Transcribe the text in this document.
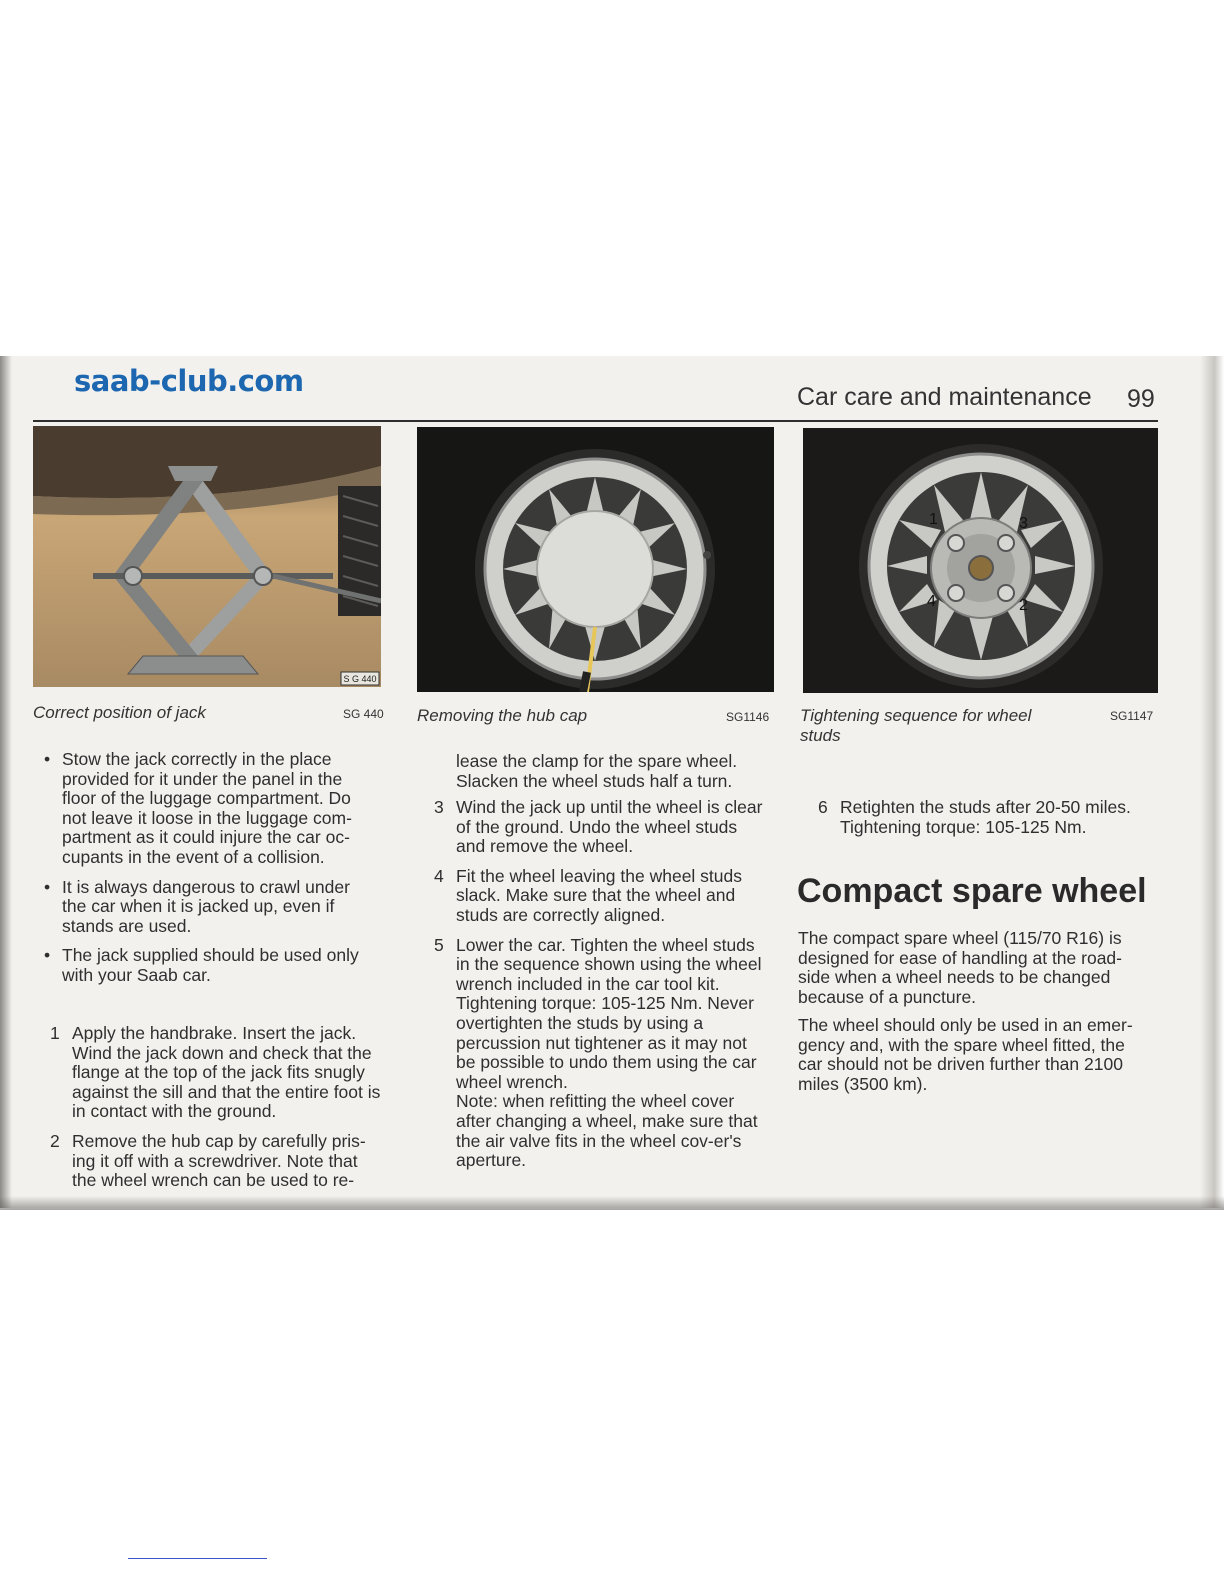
saab-club.com	Car care and maintenance 99
S G 440
Correct position of jack	SG 440 Removing the hub cap	SG1146
1	3
4	2
Tightening sequence for wheel studs
SG1147
• Stow the jack correctly in the place provided for it under the panel in the floor of the luggage compartment. Do not leave it loose in the luggage com-partment as it could injure the car oc-cupants in the event of a collision.
• It is always dangerous to crawl under the car when it is jacked up, even if stands are used.
• The jack supplied should be used only with your Saab car.
1 Apply the handbrake. Insert the jack. Wind the jack down and check that the flange at the top of the jack fits snugly against the sill and that the entire foot is in contact with the ground.
2 Remove the hub cap by carefully pris-ing it off with a screwdriver. Note that the wheel wrench can be used to re-

lease the clamp for the spare wheel. Slacken the wheel studs half a turn.

3 Wind the jack up until the wheel is clear of the ground. Undo the wheel studs and remove the wheel.
4 Fit the wheel leaving the wheel studs slack. Make sure that the wheel and studs are correctly aligned.
5 Lower the car. Tighten the wheel studs in the sequence shown using the wheel wrench included in the car tool kit. Tightening torque: 105-125 Nm. Never overtighten the studs by using a percussion nut tightener as it may not be possible to undo them using the car wheel wrench.
Note: when refitting the wheel cover after changing a wheel, make sure that the air valve fits in the wheel cov-er's aperture.
6 Retighten the studs after 20-50 miles. Tightening torque: 105-125 Nm.
Compact spare wheel

The compact spare wheel (115/70 R16) is designed for ease of handling at the road-side when a wheel needs to be changed because of a puncture.

The wheel should only be used in an emer-gency and, with the spare wheel fitted, the car should not be driven further than 2100 miles (3500 km).
